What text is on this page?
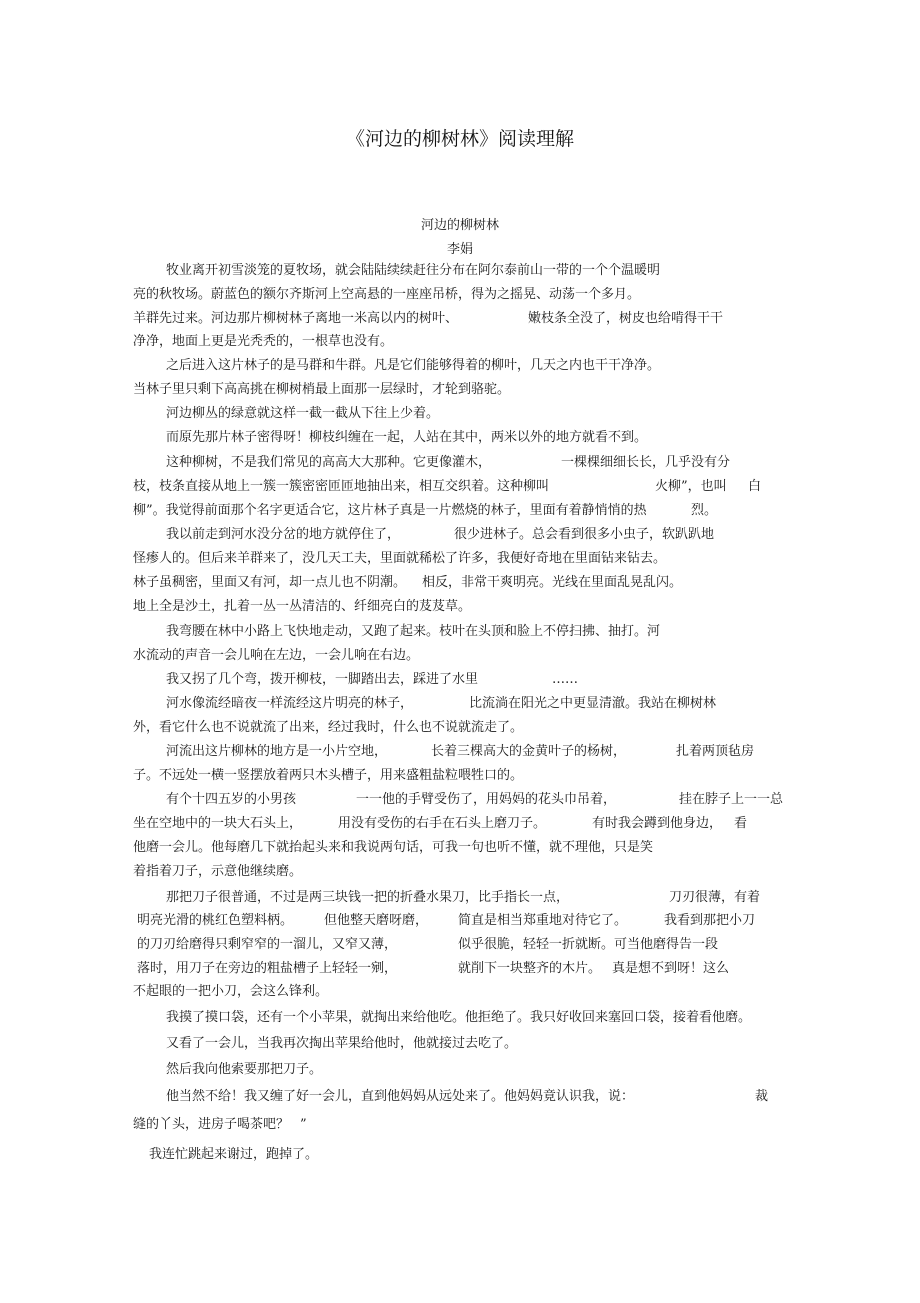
《河边的柳树林》阅读理解
河边的柳树林
李娟
牧业离开初雪淡笼的夏牧场，就会陆陆续续赶往分布在阿尔泰前山一带的一个个温暖明
亮的秋牧场。蔚蓝色的额尔齐斯河上空高悬的一座座吊桥，得为之摇晃、动荡一个多月。
羊群先过来。河边那片柳树林子离地一米高以内的树叶、	嫩枝条全没了，树皮也给啃得干干
净净，地面上更是光秃秃的，一根草也没有。
之后进入这片林子的是马群和牛群。凡是它们能够得着的柳叶，几天之内也干干净净。
当林子里只剩下高高挑在柳树梢最上面那一层绿时，才轮到骆驼。
河边柳丛的绿意就这样一截一截从下往上少着。
而原先那片林子密得呀！柳枝纠缠在一起，人站在其中，两米以外的地方就看不到。
这种柳树，不是我们常见的高高大大那种。它更像灌木，	一棵棵细细长长，几乎没有分
枝，枝条直接从地上一簇一簇密密匝匝地抽出来，相互交织着。这种柳叫	火柳”，也叫 白
柳”。我觉得前面那个名字更适合它，这片林子真是一片燃烧的林子，里面有着静悄悄的热	烈。
我以前走到河水没分岔的地方就停住了，	很少进林子。总会看到很多小虫子，软趴趴地
怪瘆人的。但后来羊群来了，没几天工夫，里面就稀松了许多，我便好奇地在里面钻来钻去。
林子虽稠密，里面又有河，却一点儿也不阴潮。 相反，非常干爽明亮。光线在里面乱晃乱闪。
地上全是沙土，扎着一丛一丛清洁的、纤细亮白的芨芨草。
我弯腰在林中小路上飞快地走动，又跑了起来。枝叶在头顶和脸上不停扫拂、抽打。河
水流动的声音一会儿响在左边，一会儿响在右边。
我又拐了几个弯，拨开柳枝，一脚踏出去，踩进了水里	……
河水像流经暗夜一样流经这片明亮的林子，	比流淌在阳光之中更显清澈。我站在柳树林
外，看它什么也不说就流了出来，经过我时，什么也不说就流走了。
河流出这片柳林的地方是一小片空地，	长着三棵高大的金黄叶子的杨树，	扎着两顶毡房
子。不远处一横一竖摆放着两只木头槽子，用来盛粗盐粒喂牲口的。
有个十四五岁的小男孩	一一他的手臂受伤了，用妈妈的花头巾吊着，	挂在脖子上一一总
坐在空地中的一块大石头上，	用没有受伤的右手在石头上磨刀子。	有时我会蹲到他身边， 看
他磨一会儿。他每磨几下就抬起头来和我说两句话，可我一句也听不懂，就不理他，只是笑
着指着刀子，示意他继续磨。
那把刀子很普通，不过是两三块钱一把的折叠水果刀，比手指长一点，	刀刃很薄，有着
明亮光滑的桃红色塑料柄。 但他整天磨呀磨， 简直是相当郑重地对待它了。	我看到那把小刀
的刀刃给磨得只剩窄窄的一溜儿，又窄又薄，	似乎很脆，轻轻一折就断。可当他磨得告一段
落时，用刀子在旁边的粗盐槽子上轻轻一剜，	就削下一块整齐的木片。 真是想不到呀！这么
不起眼的一把小刀，会这么锋利。
我摸了摸口袋，还有一个小苹果，就掏出来给他吃。他拒绝了。我只好收回来塞回口袋，接着看他磨。
又看了一会儿，当我再次掏出苹果给他时，他就接过去吃了。
然后我向他索要那把刀子。
他当然不给！我又缠了好一会儿，直到他妈妈从远处来了。他妈妈竟认识我，说：	裁
缝的丫头，进房子喝茶吧？ ”
我连忙跳起来谢过，跑掉了。
